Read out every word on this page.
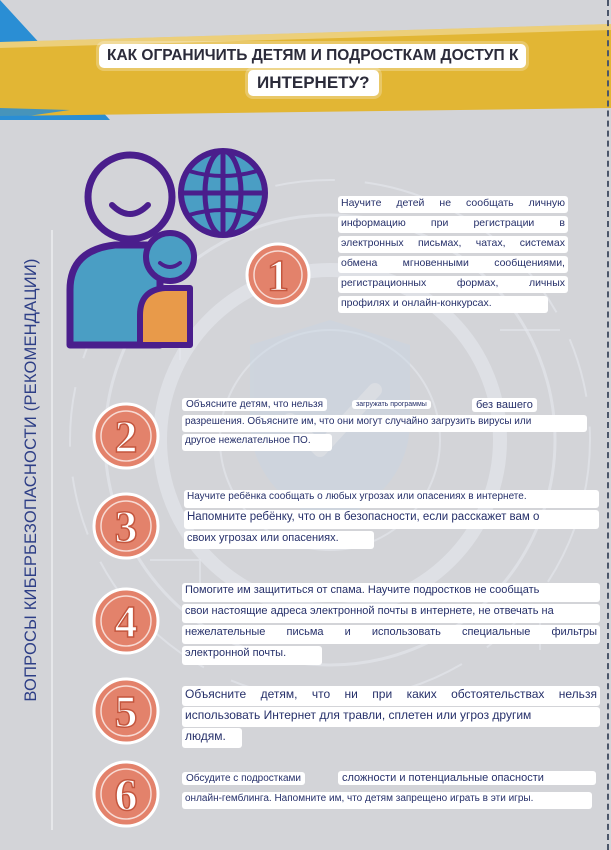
КАК ОГРАНИЧИТЬ ДЕТЯМ И ПОДРОСТКАМ ДОСТУП К
ИНТЕРНЕТУ?
ВОПРОСЫ КИБЕРБЕЗОПАСНОСТИ (РЕКОМЕНДАЦИИ)	1
2
3
4
5
6
Научите детей не сообщать личную
информацию при регистрации в
электронных письмах, чатах, системах
обмена мгновенными сообщениями,
регистрационных	формах,	личных
профилях и онлайн-конкурсах.
Объясните детям, что нельзя	загружать программы	без вашего
разрешения. Объясните им, что они могут случайно загрузить вирусы или
другое нежелательное ПО.
Научите ребёнка сообщать о любых угрозах или опасениях в интернете.
Напомните ребёнку, что он в безопасности, если расскажет вам о
своих угрозах или опасениях.
Помогите им защититься от спама. Научите подростков не сообщать
свои настоящие адреса электронной почты в интернете, не отвечать на
нежелательные письма и использовать специальные фильтры
электронной почты.
Объясните детям, что ни при каких обстоятельствах нельзя
использовать Интернет для травли, сплетен или угроз другим
людям.
Обсудите с подростками	сложности и потенциальные опасности
онлайн-гемблинга. Напомните им, что детям запрещено играть в эти игры.
